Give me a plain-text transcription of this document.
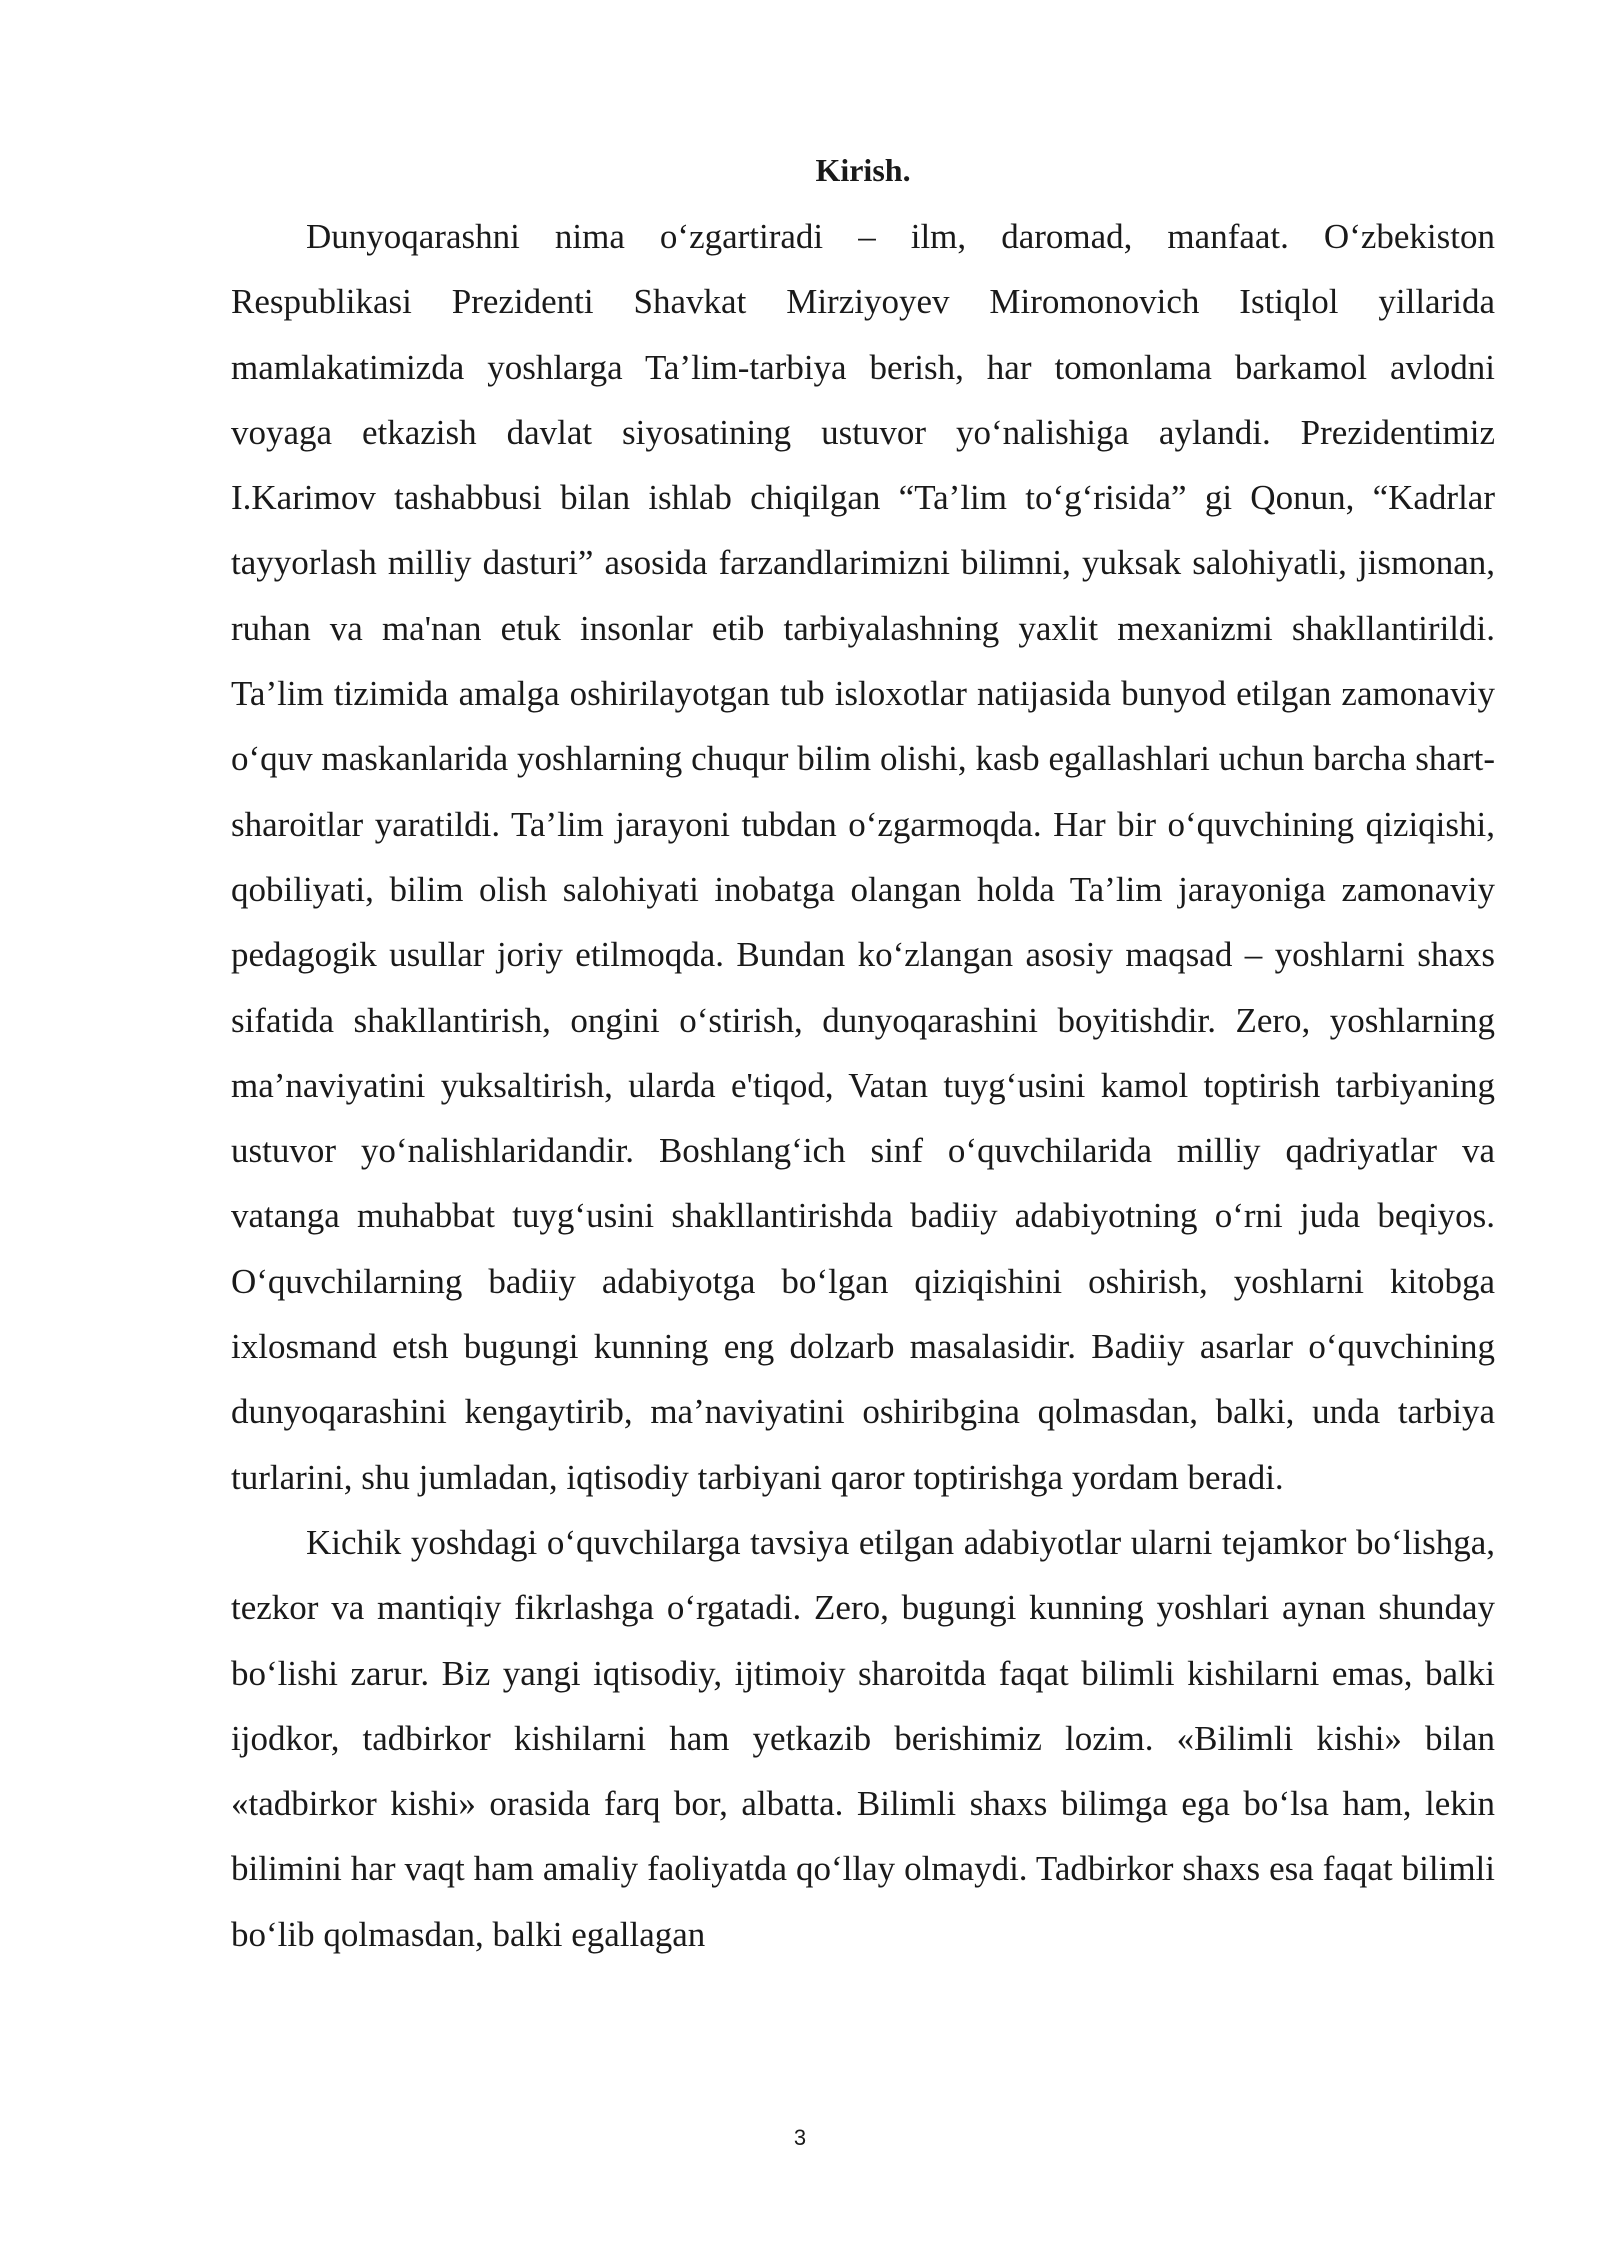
Kirish.

Dunyoqarashni nima o‘zgartiradi – ilm, daromad, manfaat. O‘zbekiston Respublikasi Prezidenti Shavkat Mirziyoyev Miromonovich Istiqlol yillarida mamlakatimizda yoshlarga Ta’lim-tarbiya berish, har tomonlama barkamol avlodni voyaga etkazish davlat siyosatining ustuvor yo‘nalishiga aylandi. Prezidentimiz I.Karimov tashabbusi bilan ishlab chiqilgan “Ta’lim to‘g‘risida” gi Qonun, “Kadrlar tayyorlash milliy dasturi” asosida farzandlarimizni bilimni, yuksak salohiyatli, jismonan, ruhan va ma'nan etuk insonlar etib tarbiyalashning yaxlit mexanizmi shakllantirildi. Ta’lim tizimida amalga oshirilayotgan tub isloxotlar natijasida bunyod etilgan zamonaviy o‘quv maskanlarida yoshlarning chuqur bilim olishi, kasb egallashlari uchun barcha shart-sharoitlar yaratildi. Ta’lim jarayoni tubdan o‘zgarmoqda. Har bir o‘quvchining qiziqishi, qobiliyati, bilim olish salohiyati inobatga olangan holda Ta’lim jarayoniga zamonaviy pedagogik usullar joriy etilmoqda. Bundan ko‘zlangan asosiy maqsad – yoshlarni shaxs sifatida shakllantirish, ongini o‘stirish, dunyoqarashini boyitishdir. Zero, yoshlarning ma’naviyatini yuksaltirish, ularda e'tiqod, Vatan tuyg‘usini kamol toptirish tarbiyaning ustuvor yo‘nalishlaridandir. Boshlang‘ich sinf o‘quvchilarida milliy qadriyatlar va vatanga muhabbat tuyg‘usini shakllantirishda badiiy adabiyotning o‘rni juda beqiyos. O‘quvchilarning badiiy adabiyotga bo‘lgan qiziqishini oshirish, yoshlarni kitobga ixlosmand etsh bugungi kunning eng dolzarb masalasidir. Badiiy asarlar o‘quvchining dunyoqarashini kengaytirib, ma’naviyatini oshiribgina qolmasdan, balki, unda tarbiya turlarini, shu jumladan, iqtisodiy tarbiyani qaror toptirishga yordam beradi.

Kichik yoshdagi o‘quvchilarga tavsiya etilgan adabiyotlar ularni tejamkor bo‘lishga, tezkor va mantiqiy fikrlashga o‘rgatadi. Zero, bugungi kunning yoshlari aynan shunday bo‘lishi zarur. Biz yangi iqtisodiy, ijtimoiy sharoitda faqat bilimli kishilarni emas, balki ijodkor, tadbirkor kishilarni ham yetkazib berishimiz lozim. «Bilimli kishi» bilan «tadbirkor kishi» orasida farq bor, albatta. Bilimli shaxs bilimga ega bo‘lsa ham, lekin bilimini har vaqt ham amaliy faoliyatda qo‘llay olmaydi. Tadbirkor shaxs esa faqat bilimli bo‘lib qolmasdan, balki egallagan

3
